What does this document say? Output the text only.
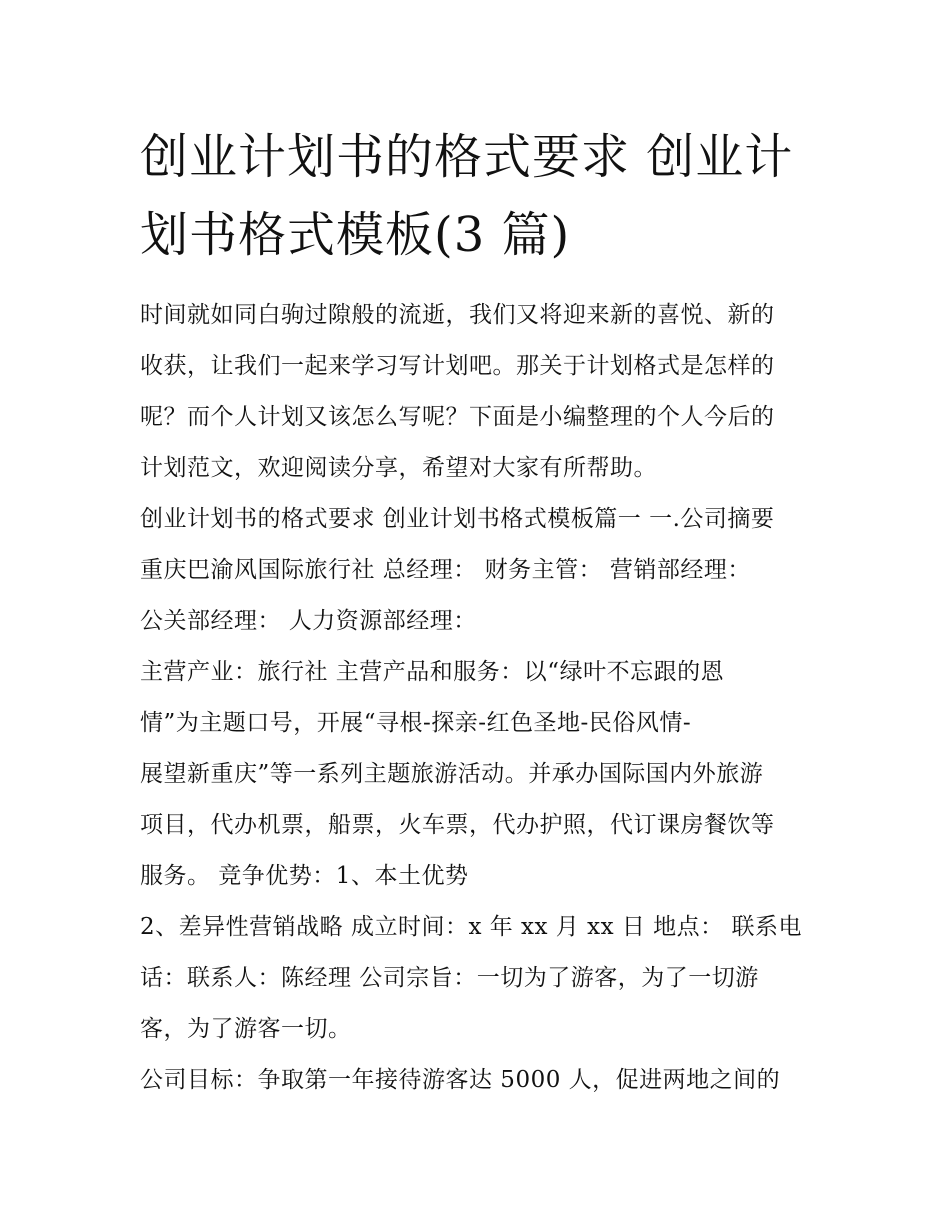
创业计划书的格式要求 创业计
划书格式模板(3 篇)
时间就如同白驹过隙般的流逝，我们又将迎来新的喜悦、新的
收获，让我们一起来学习写计划吧。那关于计划格式是怎样的
呢？而个人计划又该怎么写呢？下面是小编整理的个人今后的
计划范文，欢迎阅读分享，希望对大家有所帮助。
创业计划书的格式要求 创业计划书格式模板篇一 一.公司摘要
重庆巴渝风国际旅行社 总经理： 财务主管： 营销部经理：
公关部经理： 人力资源部经理：
主营产业：旅行社 主营产品和服务：以“绿叶不忘跟的恩
情”为主题口号，开展“寻根-探亲-红色圣地-民俗风情-
展望新重庆”等一系列主题旅游活动。并承办国际国内外旅游
项目，代办机票，船票，火车票，代办护照，代订课房餐饮等
服务。 竞争优势：1、本土优势
2、差异性营销战略 成立时间：x 年 xx 月 xx 日 地点： 联系电
话：联系人：陈经理 公司宗旨：一切为了游客，为了一切游
客，为了游客一切。
公司目标：争取第一年接待游客达 5000 人，促进两地之间的
